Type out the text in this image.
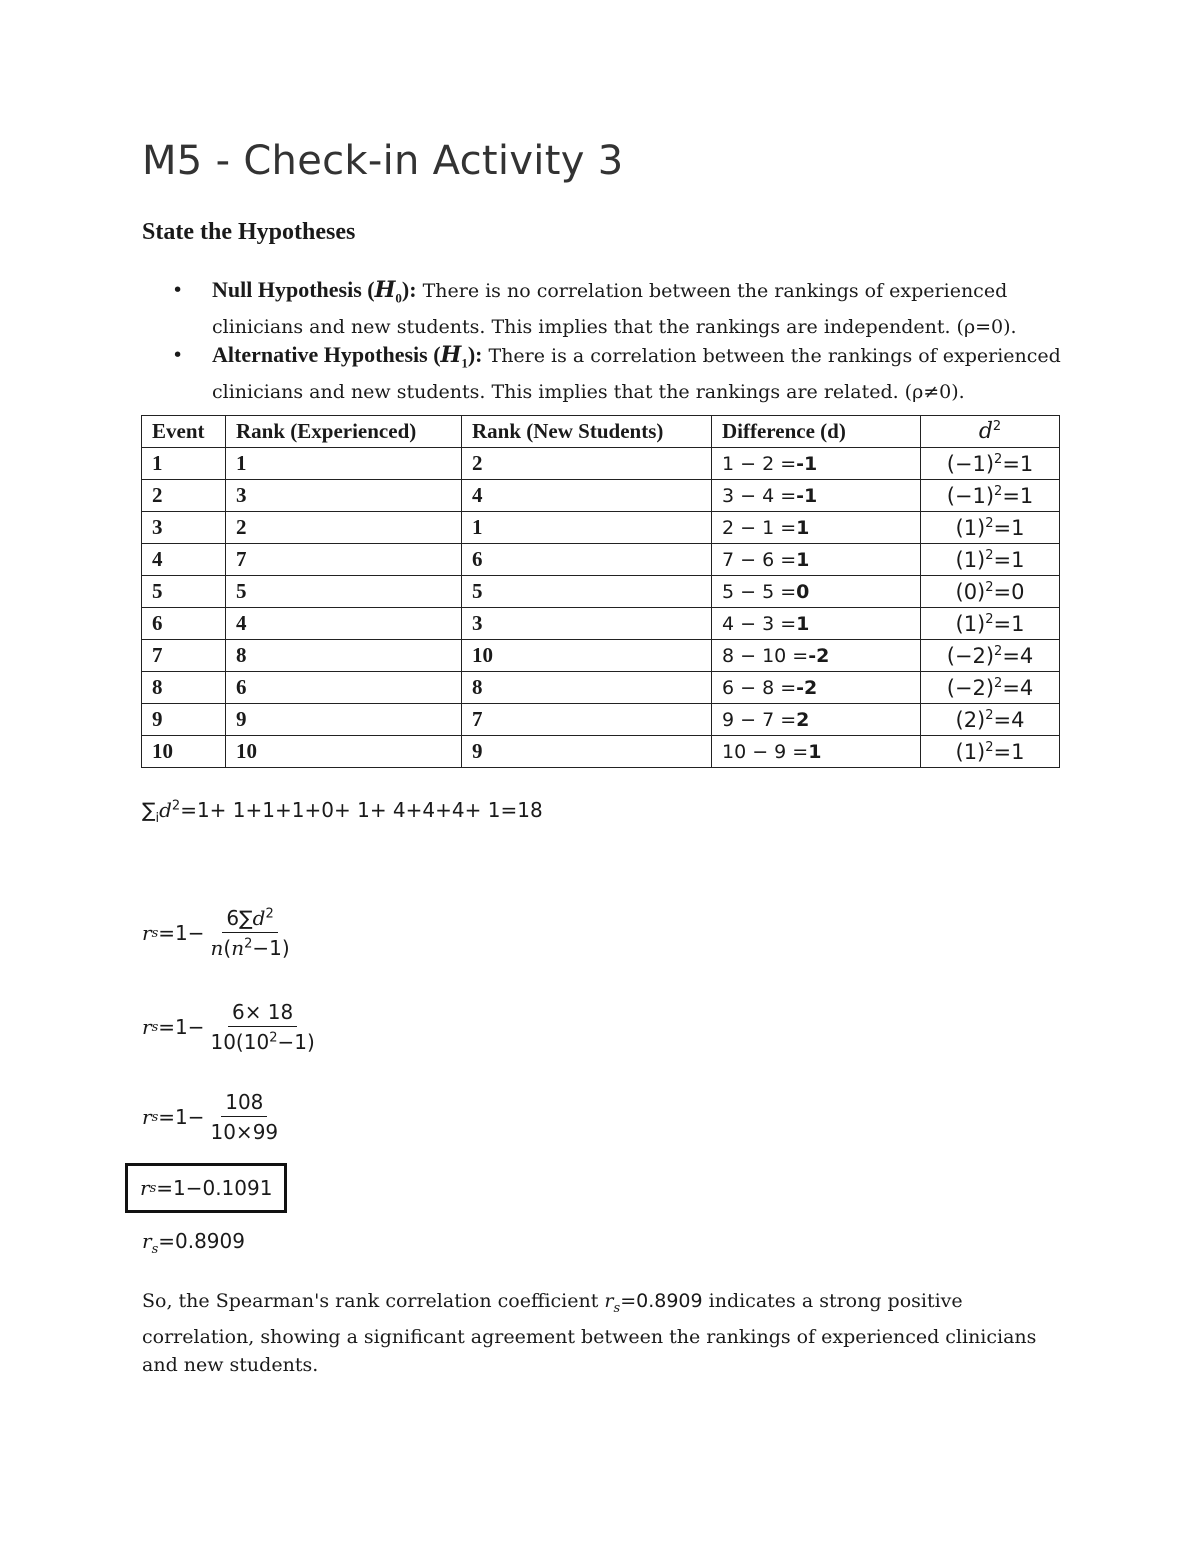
M5 - Check-in Activity 3
State the Hypotheses
• Null Hypothesis $(H_0)$: There is no correlation between the rankings of experienced clinicians and new students. This implies that the rankings are independent. (ρ=0).
• Alternative Hypothesis $(H_1)$: There is a correlation between the rankings of experienced clinicians and new students. This implies that the rankings are related. (ρ≠0).
Event	Rank (Experienced)	Rank (New Students)	Difference (d)	$d^2$
1	1	2	1 − 2 =-1	$(-1)^2=1$
2	3	4	3 − 4 =-1	$(-1)^2=1$
3	2	1	2 − 1 =1	$(1)^2=1$
4	7	6	7 − 6 =1	$(1)^2=1$
5	5	5	5 − 5 =0	$(0)^2=0$
6	4	3	4 − 3 =1	$(1)^2=1$
7	8	10	8 − 10 =-2	$(-2)^2=4$
8	6	8	6 − 8 =-2	$(-2)^2=4$
9	9	7	9 − 7 =2	$(2)^2=4$
10	10	9	10 − 9 =1	$(1)^2=1$
$\sum_id^2=1+ 1+1+1+0+ 1+ 4+4+4+ 1=18$
r $s =1- \frac{6\sum d^2}{n(n^2-1)}$
r $s =1- \frac{6\times 18}{10(10^2-1)}$
r $s =1- \frac{108}{10\times 99}$
r s =1−0.1091
$r_s=0.8909$

So, the Spearman's rank correlation coefficient $r_s=0.8909$ indicates a strong positive correlation, showing a significant agreement between the rankings of experienced clinicians and new students.
